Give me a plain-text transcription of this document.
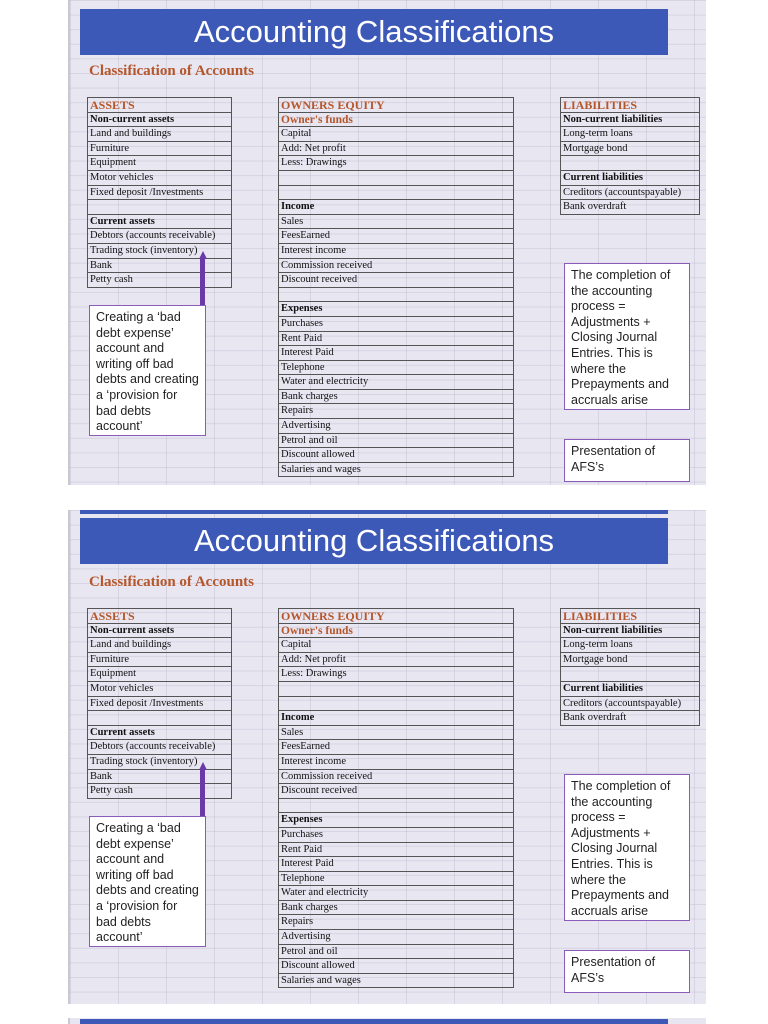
Accounting Classifications
Classification of Accounts
ASSETS
Non-current assets
Land and buildings
Furniture
Equipment
Motor vehicles
Fixed deposit /Investments
Current assets
Debtors (accounts receivable)
Trading stock (inventory)
Bank
Petty cash
OWNERS EQUITY
Owner's funds
Capital
Add: Net profit
Less: Drawings
Income
Sales
FeesEarned
Interest income
Commission received
Discount received
Expenses
Purchases
Rent Paid
Interest Paid
Telephone
Water and electricity
Bank charges
Repairs
Advertising
Petrol and oil
Discount allowed
Salaries and wages
LIABILITIES
Non-current liabilities
Long-term loans
Mortgage bond
Current liabilities
Creditors (accountspayable)
Bank overdraft
Creating a ‘bad debt expense’ account and writing off bad debts and creating a ‘provision for bad debts account’
The completion of the accounting process = Adjustments + Closing Journal Entries. This is where the Prepayments and accruals arise
Presentation of AFS’s
Accounting Classifications
Classification of Accounts
ASSETS
Non-current assets
Land and buildings
Furniture
Equipment
Motor vehicles
Fixed deposit /Investments
Current assets
Debtors (accounts receivable)
Trading stock (inventory)
Bank
Petty cash
OWNERS EQUITY
Owner's funds
Capital
Add: Net profit
Less: Drawings
Income
Sales
FeesEarned
Interest income
Commission received
Discount received
Expenses
Purchases
Rent Paid
Interest Paid
Telephone
Water and electricity
Bank charges
Repairs
Advertising
Petrol and oil
Discount allowed
Salaries and wages
LIABILITIES
Non-current liabilities
Long-term loans
Mortgage bond
Current liabilities
Creditors (accountspayable)
Bank overdraft
Creating a ‘bad debt expense’ account and writing off bad debts and creating a ‘provision for bad debts account’
The completion of the accounting process = Adjustments + Closing Journal Entries. This is where the Prepayments and accruals arise
Presentation of AFS’s
